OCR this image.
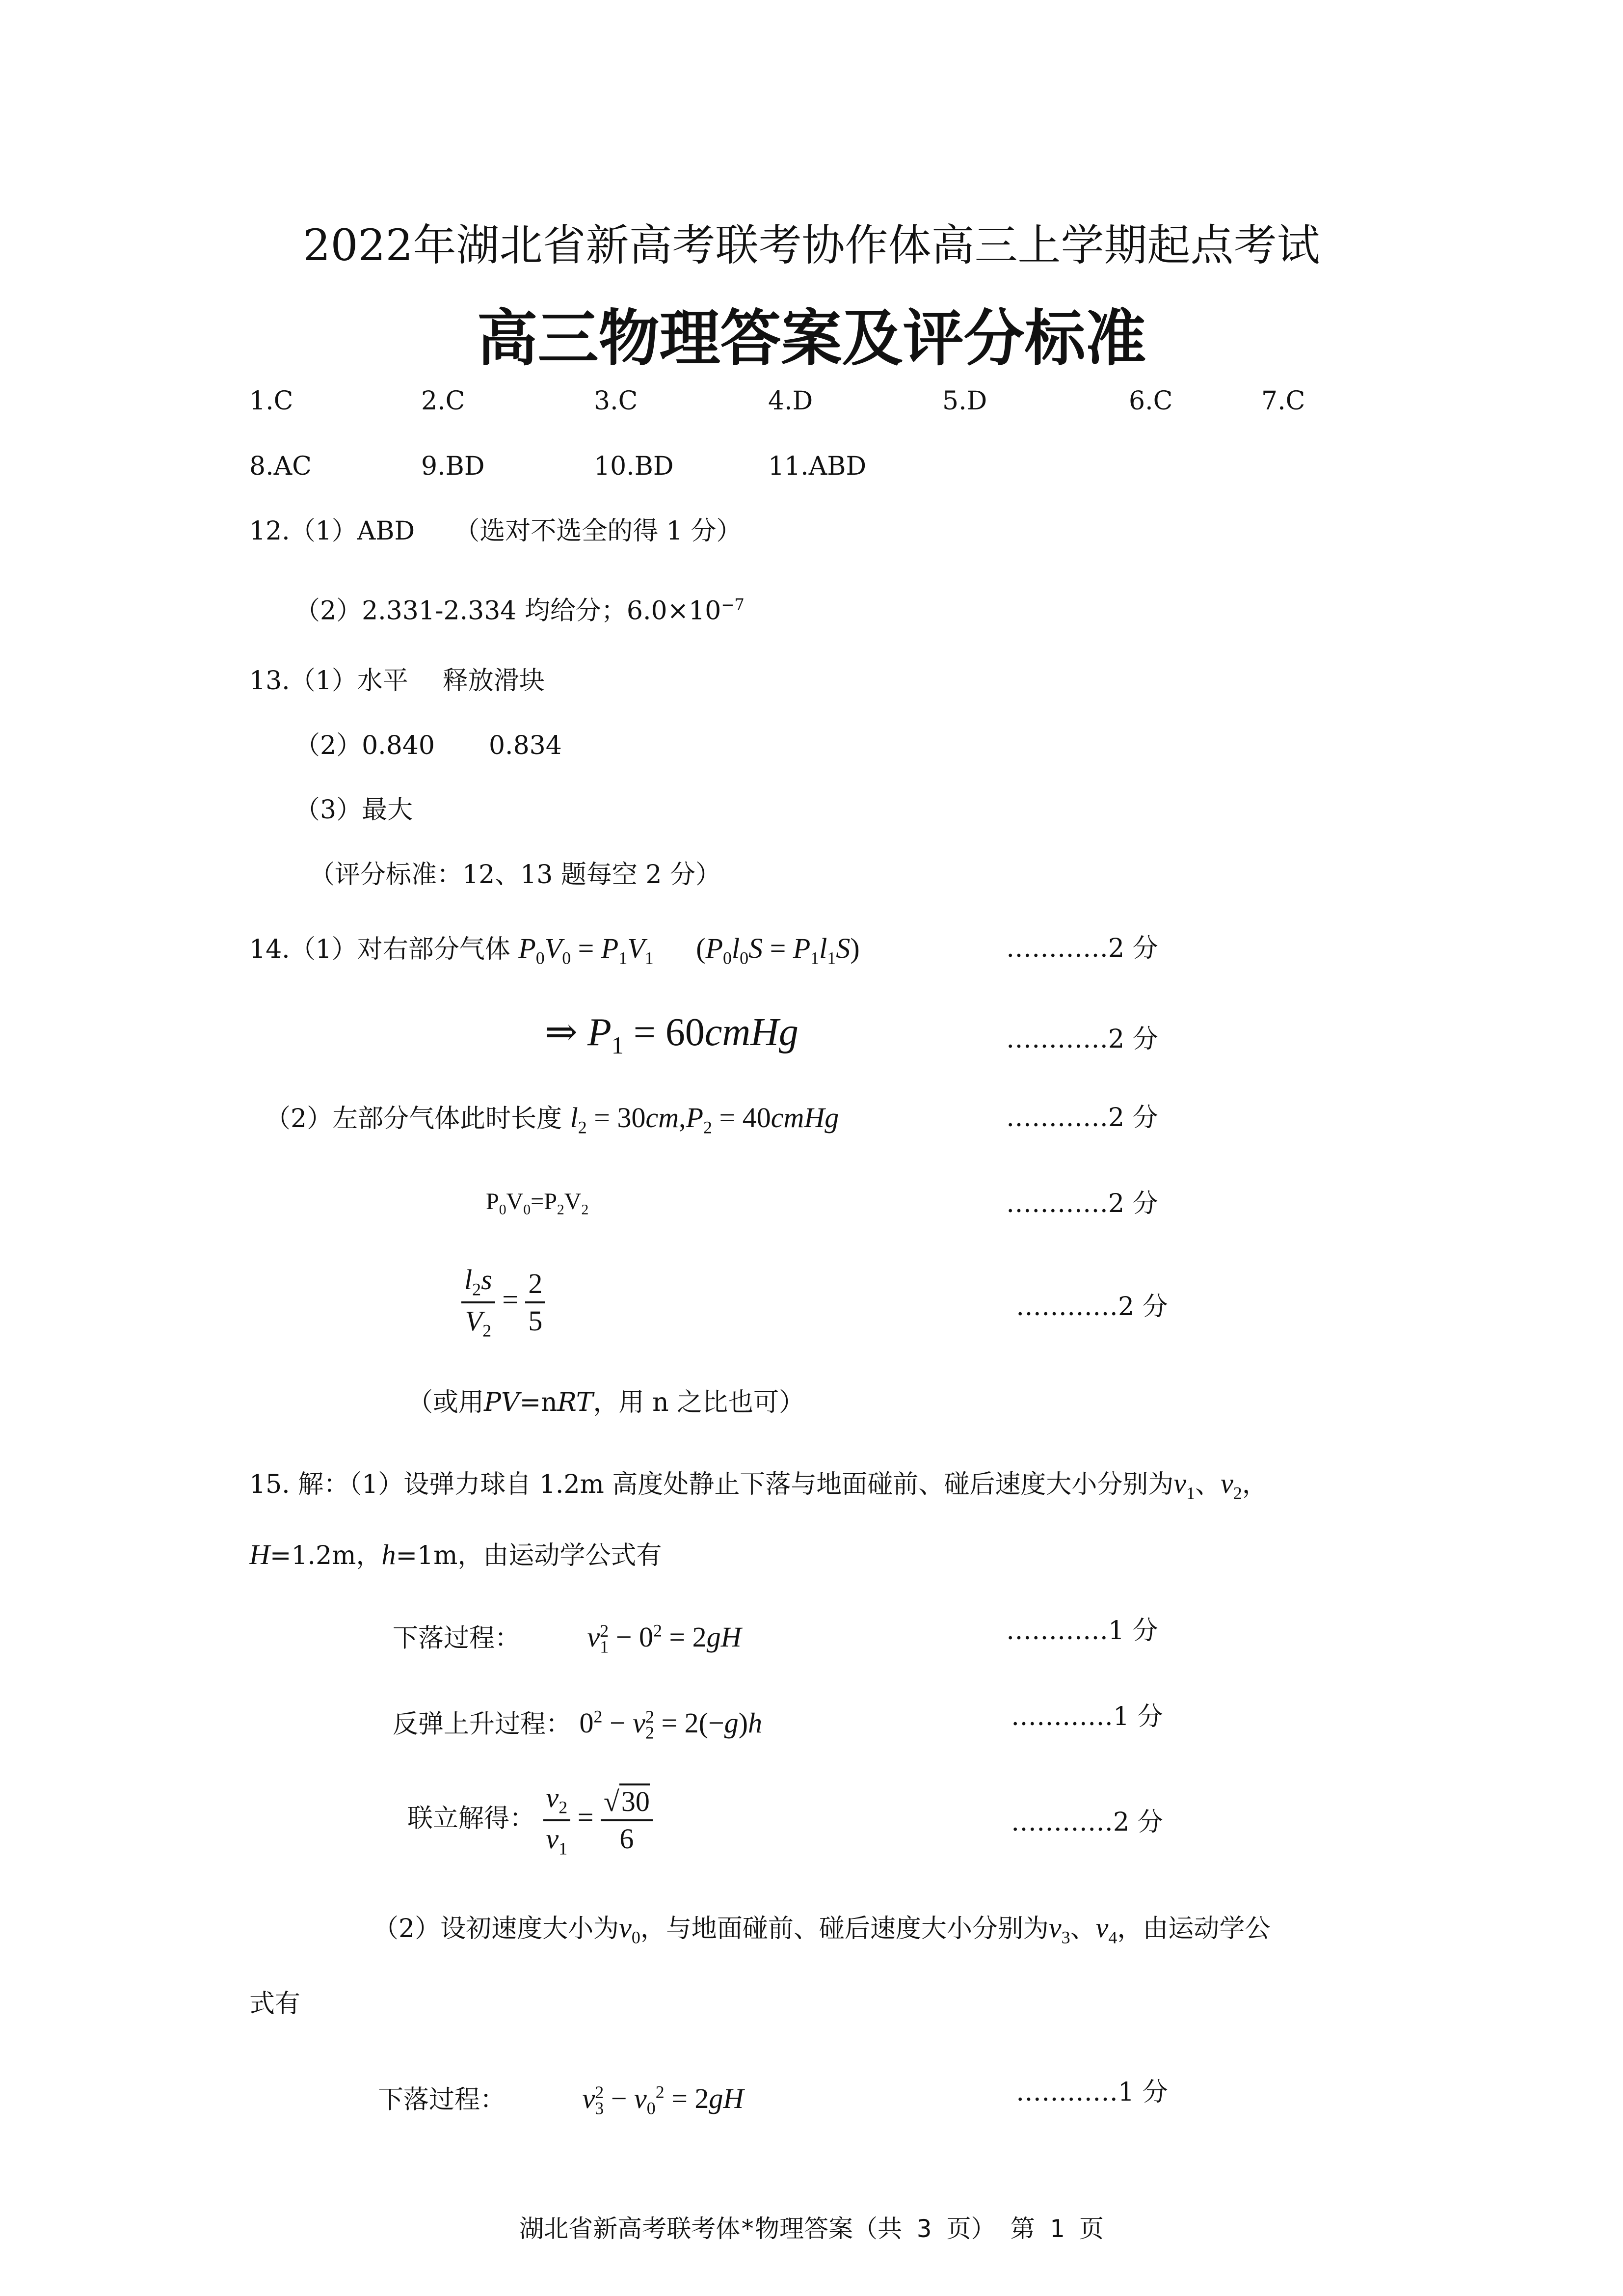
2022年湖北省新高考联考协作体高三上学期起点考试
高三物理答案及评分标准
1.C	2.C	3.C	4.D	5.D	6.C	7.C
8.AC	9.BD	10.BD	11.ABD
12.（1）ABD （选对不选全的得 1 分）
（2）2.331-2.334 均给分；$6.0\times 10^{-7}$
13.（1）水平 释放滑块
（2）0.840 0.834
（3）最大
（评分标准：12、13 题每空 2 分）
14.（1）对右部分气体 $P_0V_0 = P_1V_1$ $(P_0l_0S = P_1l_1S)$	…………2 分
⇒ $P_1$ = 60cmHg	…………2 分
（2）左部分气体此时长度 $l_2 = 30cm,P_2$ = 40cmHg	…………2 分
$P_0V_0=P_2V_2$	…………2 分
$\frac{l_2s}{V_2} = \frac{2}{5}$	…………2 分
（或用PV=nRT，用 n 之比也可）
15. 解：（1）设弹力球自 1.2m 高度处静止下落与地面碰前、碰后速度大小分别为$v_1$、$v_2$，
H=1.2m，h=1m，由运动学公式有
下落过程： $v_1^2 - 0^2 = 2gH$	…………1 分
反弹上升过程： $0^2 - v_2^2 = 2(-g)h$	…………1 分
联立解得： $\frac{v_2}{v_1} = \frac{√30}{6}$	…………2 分
（2）设初速度大小为$v_0$，与地面碰前、碰后速度大小分别为$v_3$、$v_4$，由运动学公
式有
下落过程：	$v_3^2 - v_0^2 = 2gH$	…………1 分
湖北省新高考联考体*物理答案（共 3 页） 第 1 页
